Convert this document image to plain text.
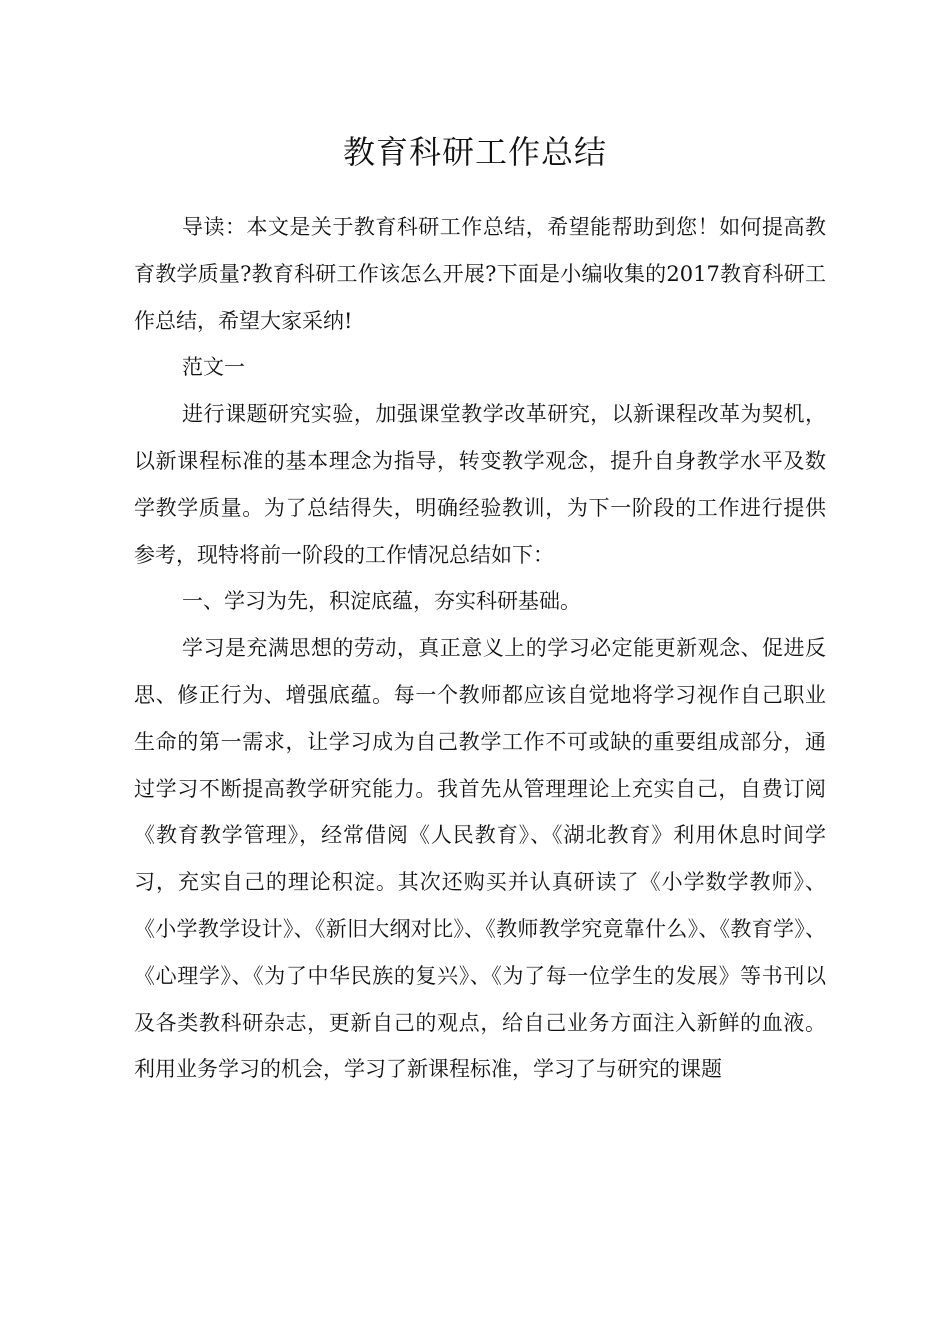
教育科研工作总结

导读：本文是关于教育科研工作总结，希望能帮助到您！如何提高教育教学质量?教育科研工作该怎么开展?下面是小编收集的2017教育科研工作总结，希望大家采纳!

范文一

进行课题研究实验，加强课堂教学改革研究，以新课程改革为契机，以新课程标准的基本理念为指导，转变教学观念，提升自身教学水平及数学教学质量。为了总结得失，明确经验教训，为下一阶段的工作进行提供参考，现特将前一阶段的工作情况总结如下：

一、学习为先，积淀底蕴，夯实科研基础。

学习是充满思想的劳动，真正意义上的学习必定能更新观念、促进反思、修正行为、增强底蕴。每一个教师都应该自觉地将学习视作自己职业生命的第一需求，让学习成为自己教学工作不可或缺的重要组成部分，通过学习不断提高教学研究能力。我首先从管理理论上充实自己，自费订阅《教育教学管理》，经常借阅《人民教育》、《湖北教育》利用休息时间学习，充实自己的理论积淀。其次还购买并认真研读了《小学数学教师》、《小学教学设计》、《新旧大纲对比》、《教师教学究竟靠什么》、《教育学》、《心理学》、《为了中华民族的复兴》、《为了每一位学生的发展》等书刊以及各类教科研杂志，更新自己的观点，给自己业务方面注入新鲜的血液。利用业务学习的机会，学习了新课程标准，学习了与研究的课题
